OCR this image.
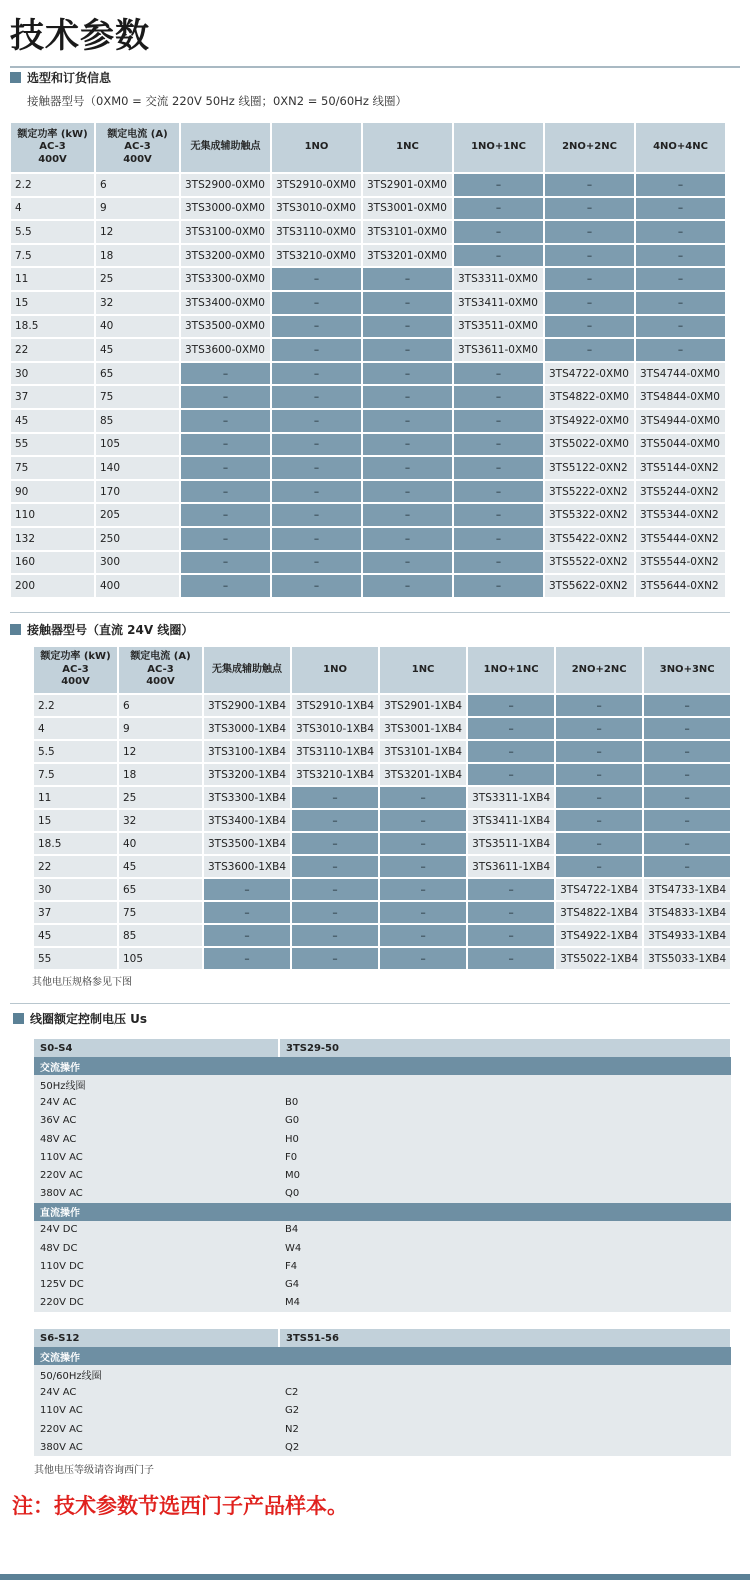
技术参数
选型和订货信息
接触器型号（0XM0 = 交流 220V 50Hz 线圈；0XN2 = 50/60Hz 线圈）
额定功率 (kW)
AC-3
400V	额定电流 (A)
AC-3
400V	无集成辅助触点	1NO	1NC	1NO+1NC	2NO+2NC	4NO+4NC
2.2	6	3TS2900-0XM0	3TS2910-0XM0	3TS2901-0XM0	–	–	–
4	9	3TS3000-0XM0	3TS3010-0XM0	3TS3001-0XM0	–	–	–
5.5	12	3TS3100-0XM0	3TS3110-0XM0	3TS3101-0XM0	–	–	–
7.5	18	3TS3200-0XM0	3TS3210-0XM0	3TS3201-0XM0	–	–	–
11	25	3TS3300-0XM0	–	–	3TS3311-0XM0	–	–
15	32	3TS3400-0XM0	–	–	3TS3411-0XM0	–	–
18.5	40	3TS3500-0XM0	–	–	3TS3511-0XM0	–	–
22	45	3TS3600-0XM0	–	–	3TS3611-0XM0	–	–
30	65	–	–	–	–	3TS4722-0XM0	3TS4744-0XM0
37	75	–	–	–	–	3TS4822-0XM0	3TS4844-0XM0
45	85	–	–	–	–	3TS4922-0XM0	3TS4944-0XM0
55	105	–	–	–	–	3TS5022-0XM0	3TS5044-0XM0
75	140	–	–	–	–	3TS5122-0XN2	3TS5144-0XN2
90	170	–	–	–	–	3TS5222-0XN2	3TS5244-0XN2
110	205	–	–	–	–	3TS5322-0XN2	3TS5344-0XN2
132	250	–	–	–	–	3TS5422-0XN2	3TS5444-0XN2
160	300	–	–	–	–	3TS5522-0XN2	3TS5544-0XN2
200	400	–	–	–	–	3TS5622-0XN2	3TS5644-0XN2
接触器型号（直流 24V 线圈）
额定功率 (kW)
AC-3
400V	额定电流 (A)
AC-3
400V	无集成辅助触点	1NO	1NC	1NO+1NC	2NO+2NC	3NO+3NC
2.2	6	3TS2900-1XB4	3TS2910-1XB4	3TS2901-1XB4	–	–	–
4	9	3TS3000-1XB4	3TS3010-1XB4	3TS3001-1XB4	–	–	–
5.5	12	3TS3100-1XB4	3TS3110-1XB4	3TS3101-1XB4	–	–	–
7.5	18	3TS3200-1XB4	3TS3210-1XB4	3TS3201-1XB4	–	–	–
11	25	3TS3300-1XB4	–	–	3TS3311-1XB4	–	–
15	32	3TS3400-1XB4	–	–	3TS3411-1XB4	–	–
18.5	40	3TS3500-1XB4	–	–	3TS3511-1XB4	–	–
22	45	3TS3600-1XB4	–	–	3TS3611-1XB4	–	–
30	65	–	–	–	–	3TS4722-1XB4	3TS4733-1XB4
37	75	–	–	–	–	3TS4822-1XB4	3TS4833-1XB4
45	85	–	–	–	–	3TS4922-1XB4	3TS4933-1XB4
55	105	–	–	–	–	3TS5022-1XB4	3TS5033-1XB4
其他电压规格参见下图
线圈额定控制电压 Us
S0-S4	3TS29-50
交流操作	
50Hz线圈	
24V AC	B0
36V AC	G0
48V AC	H0
110V AC	F0
220V AC	M0
380V AC	Q0
直流操作	
24V DC	B4
48V DC	W4
110V DC	F4
125V DC	G4
220V DC	M4
S6-S12	3TS51-56
交流操作	
50/60Hz线圈	
24V AC	C2
110V AC	G2
220V AC	N2
380V AC	Q2
其他电压等级请咨询西门子
注：技术参数节选西门子产品样本。
